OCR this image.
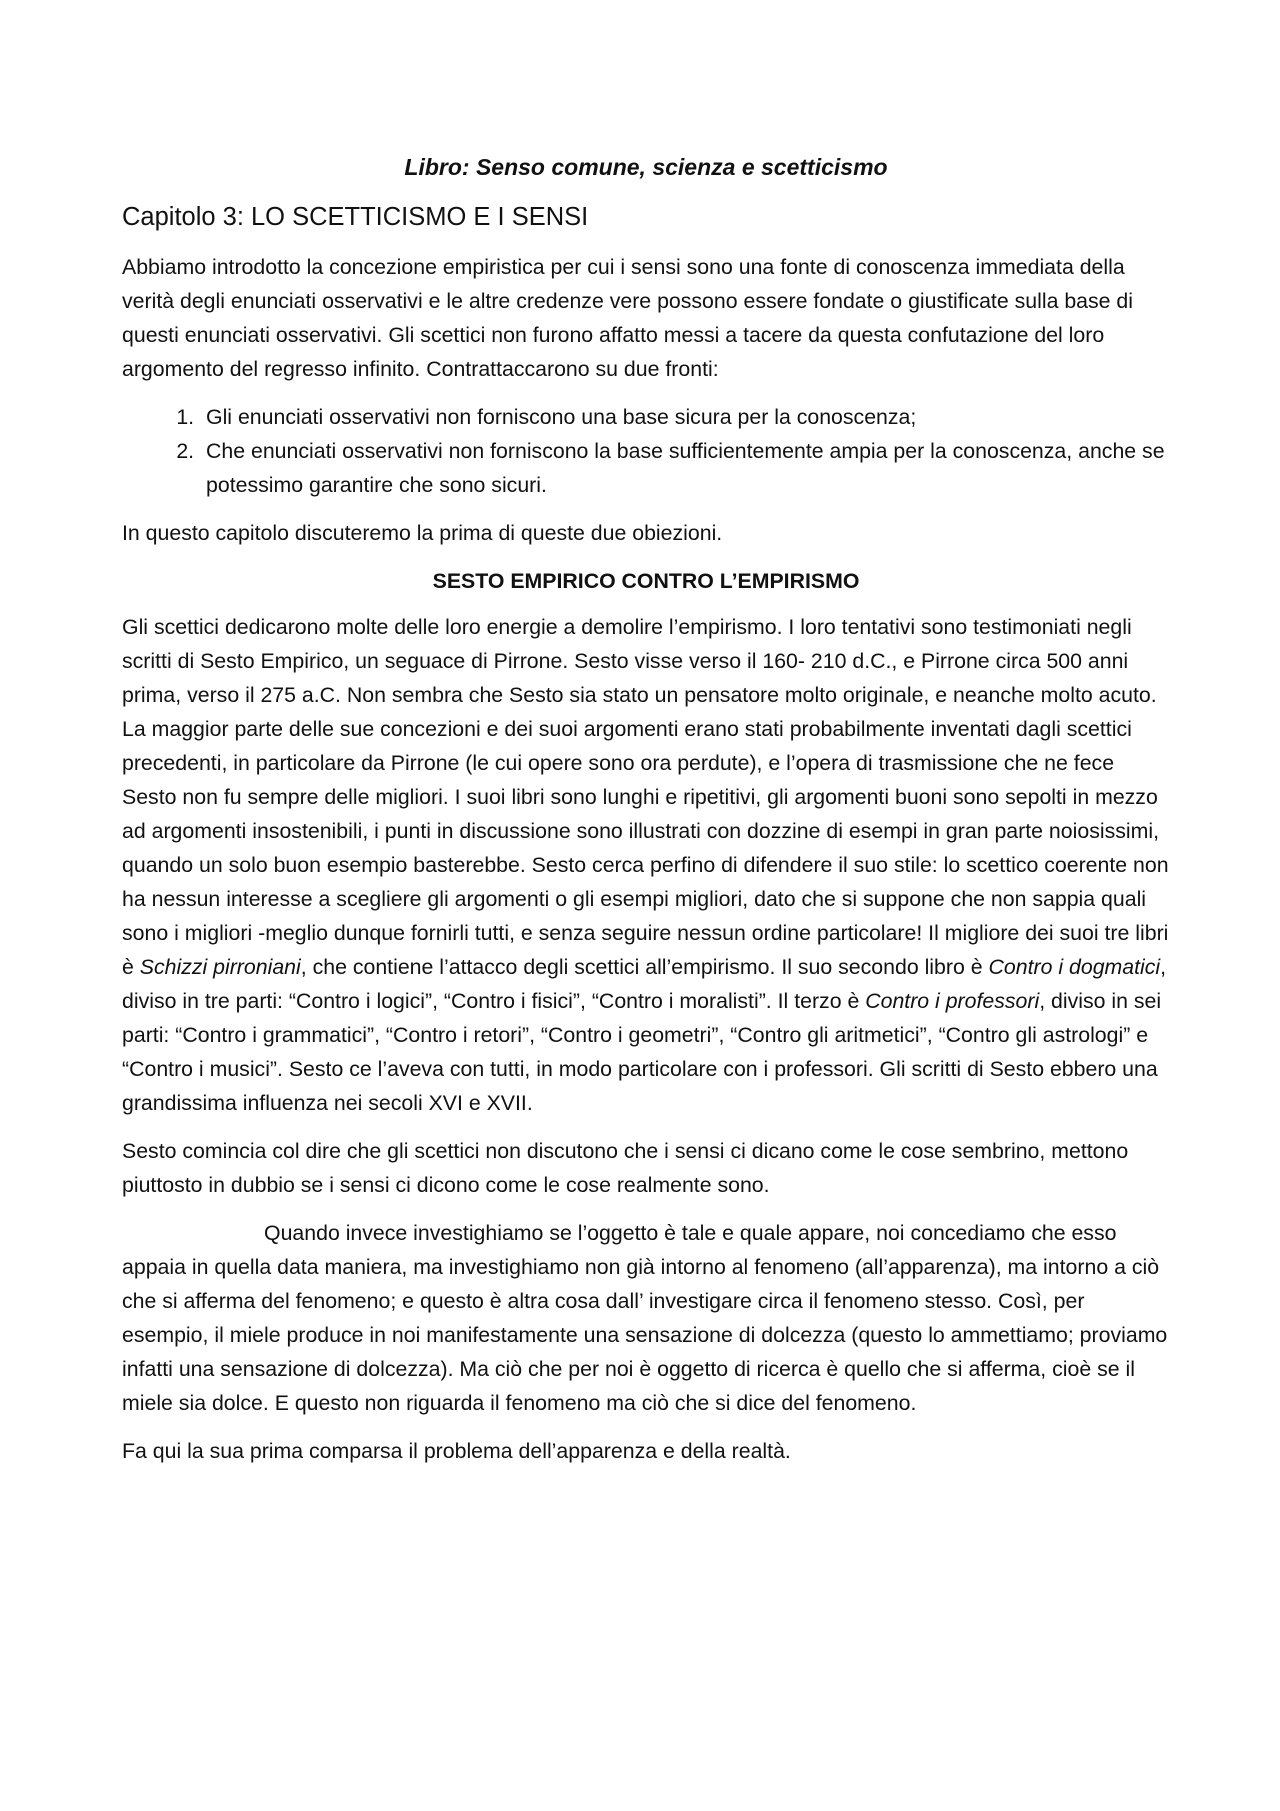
Libro: Senso comune, scienza e scetticismo
Capitolo 3: LO SCETTICISMO E I SENSI

Abbiamo introdotto la concezione empiristica per cui i sensi sono una fonte di conoscenza immediata della verità degli enunciati osservativi e le altre credenze vere possono essere fondate o giustificate sulla base di questi enunciati osservativi. Gli scettici non furono affatto messi a tacere da questa confutazione del loro argomento del regresso infinito. Contrattaccarono su due fronti:

1. Gli enunciati osservativi non forniscono una base sicura per la conoscenza;
2. Che enunciati osservativi non forniscono la base sufficientemente ampia per la conoscenza, anche se potessimo garantire che sono sicuri.

In questo capitolo discuteremo la prima di queste due obiezioni.

SESTO EMPIRICO CONTRO L’EMPIRISMO

Gli scettici dedicarono molte delle loro energie a demolire l’empirismo. I loro tentativi sono testimoniati negli scritti di Sesto Empirico, un seguace di Pirrone. Sesto visse verso il 160- 210 d.C., e Pirrone circa 500 anni prima, verso il 275 a.C. Non sembra che Sesto sia stato un pensatore molto originale, e neanche molto acuto. La maggior parte delle sue concezioni e dei suoi argomenti erano stati probabilmente inventati dagli scettici precedenti, in particolare da Pirrone (le cui opere sono ora perdute), e l’opera di trasmissione che ne fece Sesto non fu sempre delle migliori. I suoi libri sono lunghi e ripetitivi, gli argomenti buoni sono sepolti in mezzo ad argomenti insostenibili, i punti in discussione sono illustrati con dozzine di esempi in gran parte noiosissimi, quando un solo buon esempio basterebbe. Sesto cerca perfino di difendere il suo stile: lo scettico coerente non ha nessun interesse a scegliere gli argomenti o gli esempi migliori, dato che si suppone che non sappia quali sono i migliori -meglio dunque fornirli tutti, e senza seguire nessun ordine particolare! Il migliore dei suoi tre libri è Schizzi pirroniani, che contiene l’attacco degli scettici all’empirismo. Il suo secondo libro è Contro i dogmatici, diviso in tre parti: “Contro i logici”, “Contro i fisici”, “Contro i moralisti”. Il terzo è Contro i professori, diviso in sei parti: “Contro i grammatici”, “Contro i retori”, “Contro i geometri”, “Contro gli aritmetici”, “Contro gli astrologi” e “Contro i musici”. Sesto ce l’aveva con tutti, in modo particolare con i professori. Gli scritti di Sesto ebbero una grandissima influenza nei secoli XVI e XVII.

Sesto comincia col dire che gli scettici non discutono che i sensi ci dicano come le cose sembrino, mettono piuttosto in dubbio se i sensi ci dicono come le cose realmente sono.

Quando invece investighiamo se l’oggetto è tale e quale appare, noi concediamo che esso appaia in quella data maniera, ma investighiamo non già intorno al fenomeno (all’apparenza), ma intorno a ciò che si afferma del fenomeno; e questo è altra cosa dall’ investigare circa il fenomeno stesso. Così, per esempio, il miele produce in noi manifestamente una sensazione di dolcezza (questo lo ammettiamo; proviamo infatti una sensazione di dolcezza). Ma ciò che per noi è oggetto di ricerca è quello che si afferma, cioè se il miele sia dolce. E questo non riguarda il fenomeno ma ciò che si dice del fenomeno.

Fa qui la sua prima comparsa il problema dell’apparenza e della realtà.
